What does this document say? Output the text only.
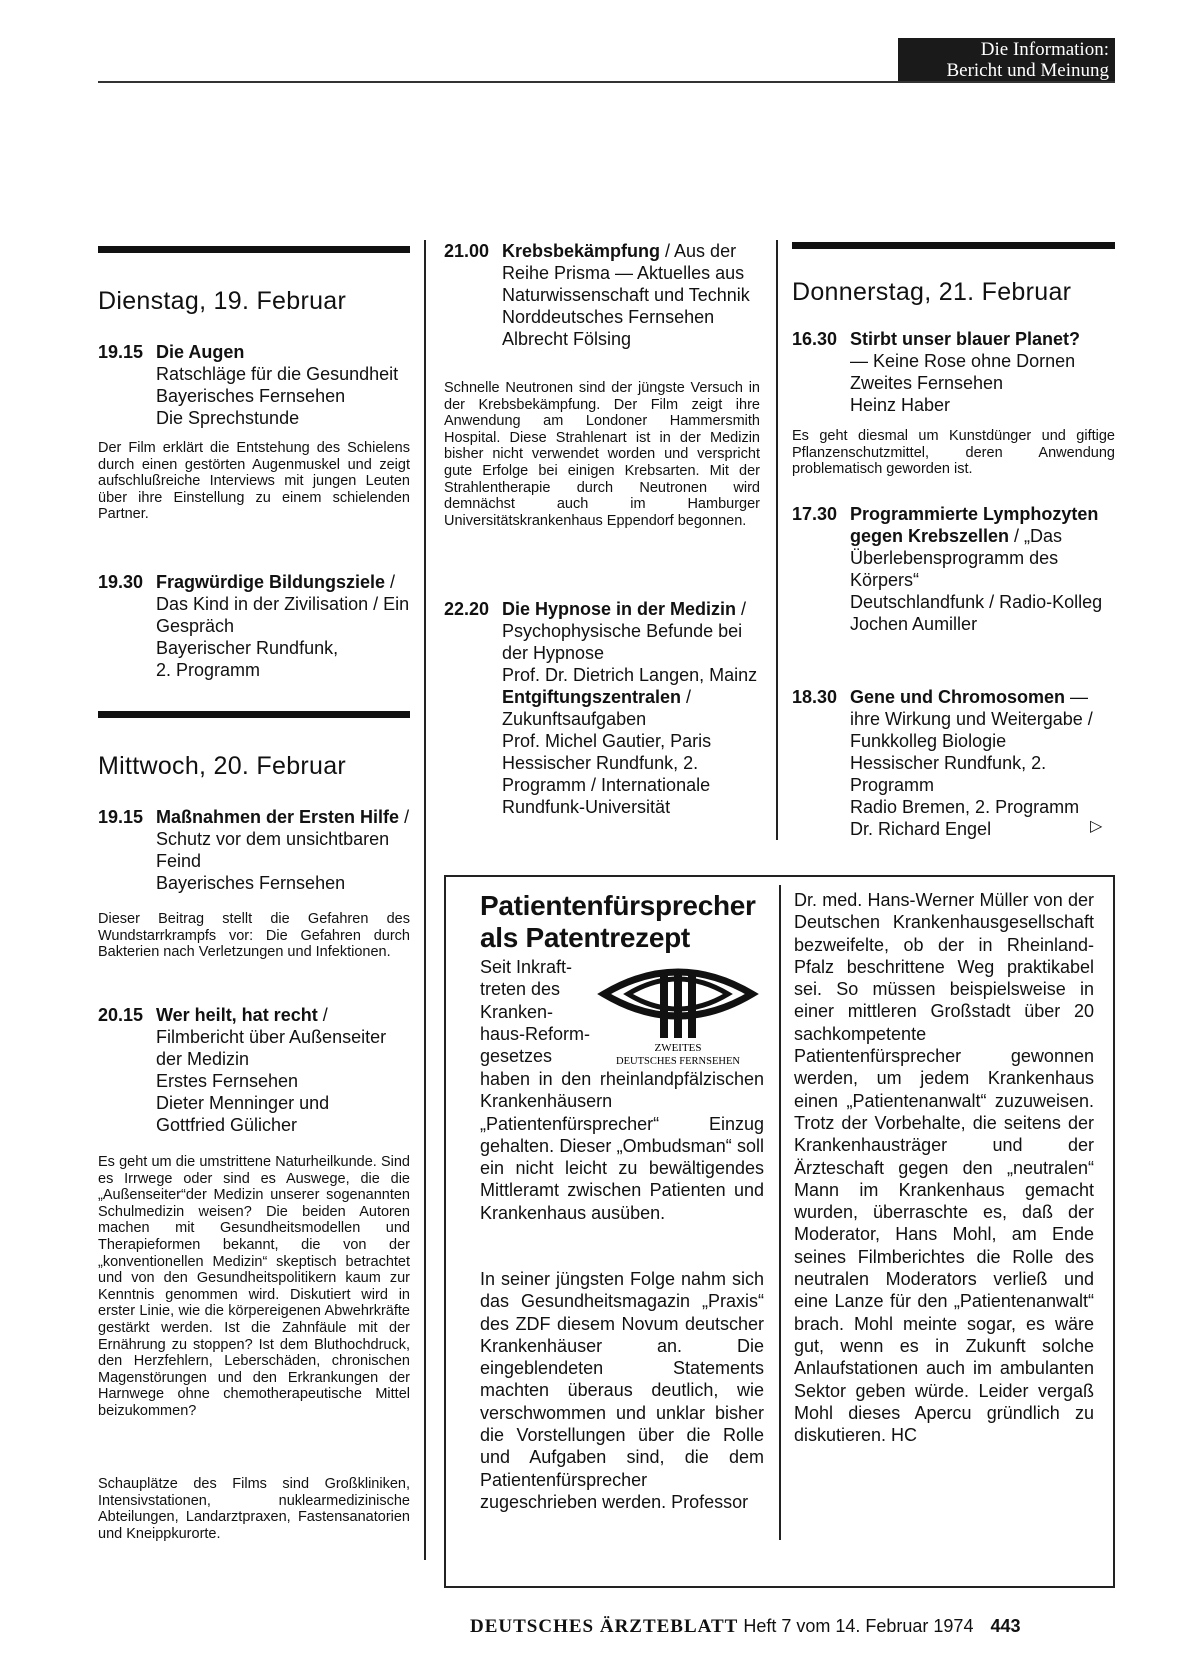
Die Information:
Bericht und Meinung
Dienstag, 19. Februar
19.15 Die Augen
Ratschläge für die Gesundheit
Bayerisches Fernsehen
Die Sprechstunde
Der Film erklärt die Entstehung des Schielens durch einen gestörten Augenmuskel und zeigt aufschlußreiche Interviews mit jungen Leuten über ihre Einstellung zu einem schielenden Partner.
19.30 Fragwürdige Bildungsziele / Das Kind in der Zivilisation / Ein Gespräch
Bayerischer Rundfunk,
2. Programm
Mittwoch, 20. Februar
19.15 Maßnahmen der Ersten Hilfe / Schutz vor dem unsichtbaren Feind
Bayerisches Fernsehen
Dieser Beitrag stellt die Gefahren des Wundstarrkrampfs vor: Die Gefahren durch Bakterien nach Verletzungen und Infektionen.
20.15 Wer heilt, hat recht / Filmbericht über Außenseiter der Medizin
Erstes Fernsehen
Dieter Menninger und
Gottfried Gülicher
Es geht um die umstrittene Naturheilkunde. Sind es Irrwege oder sind es Auswege, die die „Außenseiter“der Medizin unserer sogenannten Schulmedizin weisen? Die beiden Autoren machen mit Gesundheitsmodellen und Therapieformen bekannt, die von der „konventionellen Medizin“ skeptisch betrachtet und von den Gesundheitspolitikern kaum zur Kenntnis genommen wird. Diskutiert wird in erster Linie, wie die körpereigenen Abwehrkräfte gestärkt werden. Ist die Zahnfäule mit der Ernährung zu stoppen? Ist dem Bluthochdruck, den Herzfehlern, Leberschäden, chronischen Magenstörungen und den Erkrankungen der Harnwege ohne chemotherapeutische Mittel beizukommen?
Schauplätze des Films sind Großkliniken, Intensivstationen, nuklearmedizinische Abteilungen, Landarztpraxen, Fastensanatorien und Kneippkurorte.
21.00 Krebsbekämpfung / Aus der Reihe Prisma — Aktuelles aus Naturwissenschaft und Technik
Norddeutsches Fernsehen
Albrecht Fölsing
Schnelle Neutronen sind der jüngste Versuch in der Krebsbekämpfung. Der Film zeigt ihre Anwendung am Londoner Hammersmith Hospital. Diese Strahlenart ist in der Medizin bisher nicht verwendet worden und verspricht gute Erfolge bei einigen Krebsarten. Mit der Strahlentherapie durch Neutronen wird demnächst auch im Hamburger Universitätskrankenhaus Eppendorf begonnen.
22.20 Die Hypnose in der Medizin / Psychophysische Befunde bei der Hypnose
Prof. Dr. Dietrich Langen, Mainz
Entgiftungszentralen / Zukunftsaufgaben
Prof. Michel Gautier, Paris
Hessischer Rundfunk, 2. Programm / Internationale Rundfunk-Universität
Donnerstag, 21. Februar
16.30 Stirbt unser blauer Planet?
— Keine Rose ohne Dornen
Zweites Fernsehen
Heinz Haber
Es geht diesmal um Kunstdünger und giftige Pflanzenschutzmittel, deren Anwendung problematisch geworden ist.
17.30 Programmierte Lymphozyten gegen Krebszellen / „Das Überlebensprogramm des Körpers“
Deutschlandfunk / Radio-Kolleg
Jochen Aumiller
18.30 Gene und Chromosomen — ihre Wirkung und Weitergabe / Funkkolleg Biologie
Hessischer Rundfunk, 2. Programm
Radio Bremen, 2. Programm
Dr. Richard Engel	▷
Patientenfürsprecher als Patentrezept
ZWEITES
DEUTSCHES FERNSEHEN
Seit Inkraft-
treten des
Kranken-
haus-Reform-
gesetzes
haben in den rheinlandpfälzischen Krankenhäusern „Patientenfürsprecher“ Einzug gehalten. Dieser „Ombudsman“ soll ein nicht leicht zu bewältigendes Mittleramt zwischen Patienten und Krankenhaus ausüben.
In seiner jüngsten Folge nahm sich das Gesundheitsmagazin „Praxis“ des ZDF diesem Novum deutscher Krankenhäuser an. Die eingeblendeten Statements machten überaus deutlich, wie verschwommen und unklar bisher die Vorstellungen über die Rolle und Aufgaben sind, die dem Patientenfürsprecher zugeschrieben werden. Professor
Dr. med. Hans-Werner Müller von der Deutschen Krankenhausgesellschaft bezweifelte, ob der in Rheinland-Pfalz beschrittene Weg praktikabel sei. So müssen beispielsweise in einer mittleren Großstadt über 20 sachkompetente Patientenfürsprecher gewonnen werden, um jedem Krankenhaus einen „Patientenanwalt“ zuzuweisen. Trotz der Vorbehalte, die seitens der Krankenhausträger und der Ärzteschaft gegen den „neutralen“ Mann im Krankenhaus gemacht wurden, überraschte es, daß der Moderator, Hans Mohl, am Ende seines Filmberichtes die Rolle des neutralen Moderators verließ und eine Lanze für den „Patientenanwalt“ brach. Mohl meinte sogar, es wäre gut, wenn es in Zukunft solche Anlaufstationen auch im ambulanten Sektor geben würde. Leider vergaß Mohl dieses Apercu gründlich zu diskutieren. HC
DEUTSCHES ÄRZTEBLATT Heft 7 vom 14. Februar 1974 443
